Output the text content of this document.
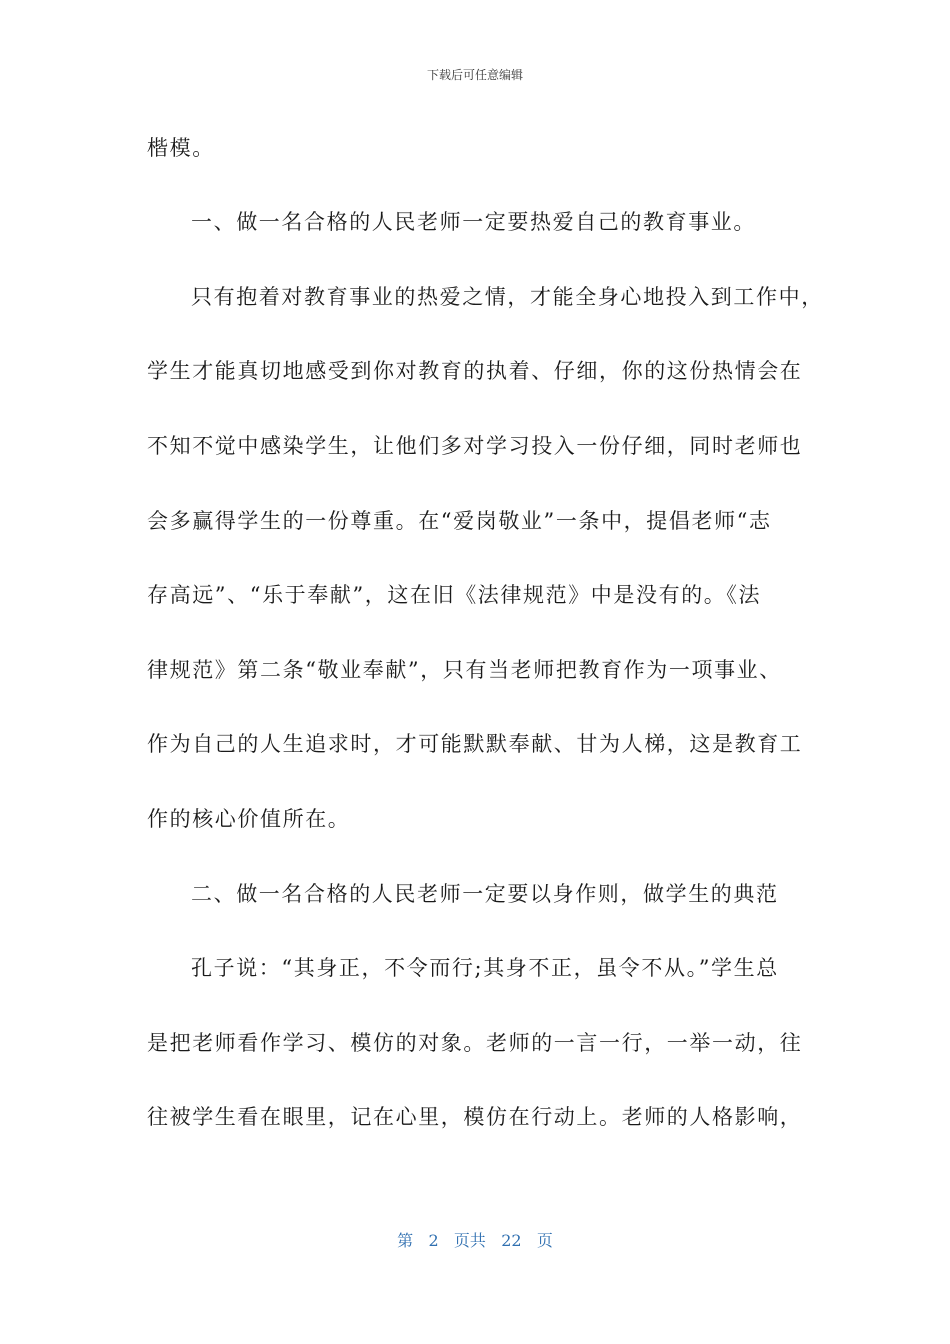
下载后可任意编辑
楷模。
一、做一名合格的人民老师一定要热爱自己的教育事业。
只有抱着对教育事业的热爱之情，才能全身心地投入到工作中，
学生才能真切地感受到你对教育的执着、仔细，你的这份热情会在
不知不觉中感染学生，让他们多对学习投入一份仔细，同时老师也
会多赢得学生的一份尊重。在“爱岗敬业”一条中，提倡老师“志
存高远”、“乐于奉献”，这在旧《法律规范》中是没有的。《法
律规范》第二条“敬业奉献”，只有当老师把教育作为一项事业、
作为自己的人生追求时，才可能默默奉献、甘为人梯，这是教育工
作的核心价值所在。
二、做一名合格的人民老师一定要以身作则，做学生的典范
孔子说：“其身正，不令而行;其身不正，虽令不从。”学生总
是把老师看作学习、模仿的对象。老师的一言一行，一举一动，往
往被学生看在眼里，记在心里，模仿在行动上。老师的人格影响，
第 2 页共 22 页
